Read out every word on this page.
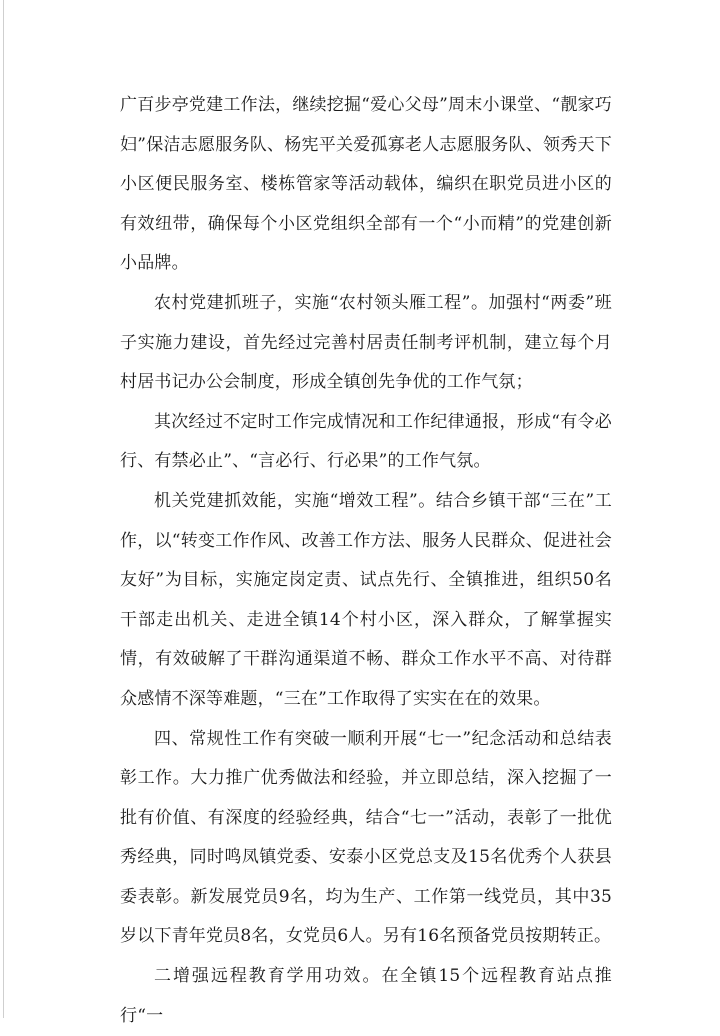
广百步亭党建工作法，继续挖掘“爱心父母”周末小课堂、“靓家巧妇”保洁志愿服务队、杨宪平关爱孤寡老人志愿服务队、领秀天下小区便民服务室、楼栋管家等活动载体，编织在职党员进小区的有效纽带，确保每个小区党组织全部有一个“小而精”的党建创新小品牌。

农村党建抓班子，实施“农村领头雁工程”。加强村“两委”班子实施力建设，首先经过完善村居责任制考评机制，建立每个月村居书记办公会制度，形成全镇创先争优的工作气氛；

其次经过不定时工作完成情况和工作纪律通报，形成“有令必行、有禁必止”、“言必行、行必果”的工作气氛。

机关党建抓效能，实施“增效工程”。结合乡镇干部“三在”工作，以“转变工作作风、改善工作方法、服务人民群众、促进社会友好”为目标，实施定岗定责、试点先行、全镇推进，组织50名干部走出机关、走进全镇14个村小区，深入群众，了解掌握实情，有效破解了干群沟通渠道不畅、群众工作水平不高、对待群众感情不深等难题，“三在”工作取得了实实在在的效果。

四、常规性工作有突破一顺利开展“七一”纪念活动和总结表彰工作。大力推广优秀做法和经验，并立即总结，深入挖掘了一批有价值、有深度的经验经典，结合“七一”活动，表彰了一批优秀经典，同时鸣凤镇党委、安泰小区党总支及15名优秀个人获县委表彰。新发展党员9名，均为生产、工作第一线党员，其中35岁以下青年党员8名，女党员6人。另有16名预备党员按期转正。

二增强远程教育学用功效。在全镇15个远程教育站点推行“一
